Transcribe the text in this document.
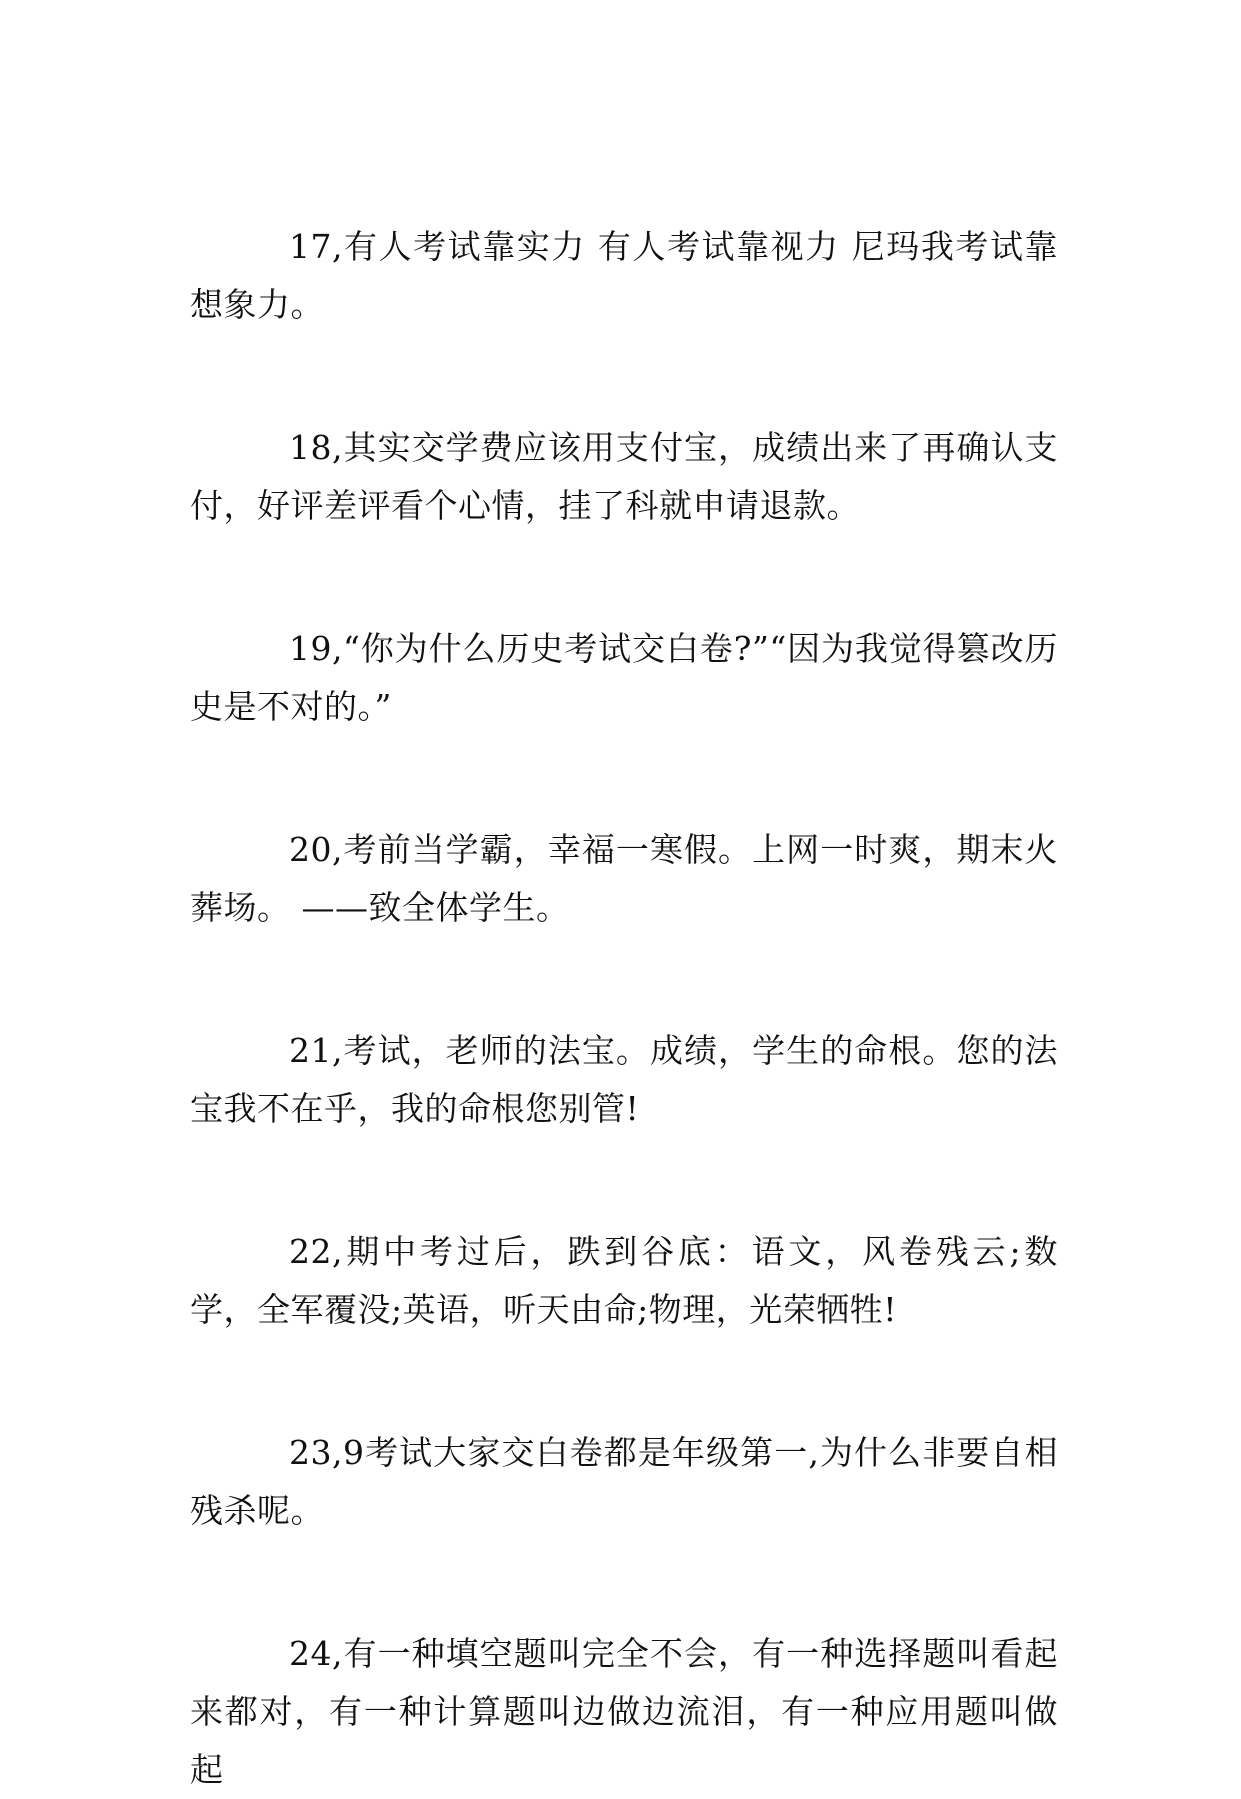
17,有人考试靠实力 有人考试靠视力 尼玛我考试靠想象力。

18,其实交学费应该用支付宝，成绩出来了再确认支付，好评差评看个心情，挂了科就申请退款。

19,“你为什么历史考试交白卷?”“因为我觉得篡改历史是不对的。”

20,考前当学霸，幸福一寒假。上网一时爽，期末火葬场。 ——致全体学生。

21,考试，老师的法宝。成绩，学生的命根。您的法宝我不在乎，我的命根您别管!

22,期中考过后，跌到谷底：语文，风卷残云;数学，全军覆没;英语，听天由命;物理，光荣牺牲!

23,9考试大家交白卷都是年级第一,为什么非要自相残杀呢。

24,有一种填空题叫完全不会，有一种选择题叫看起来都对，有一种计算题叫边做边流泪，有一种应用题叫做起
